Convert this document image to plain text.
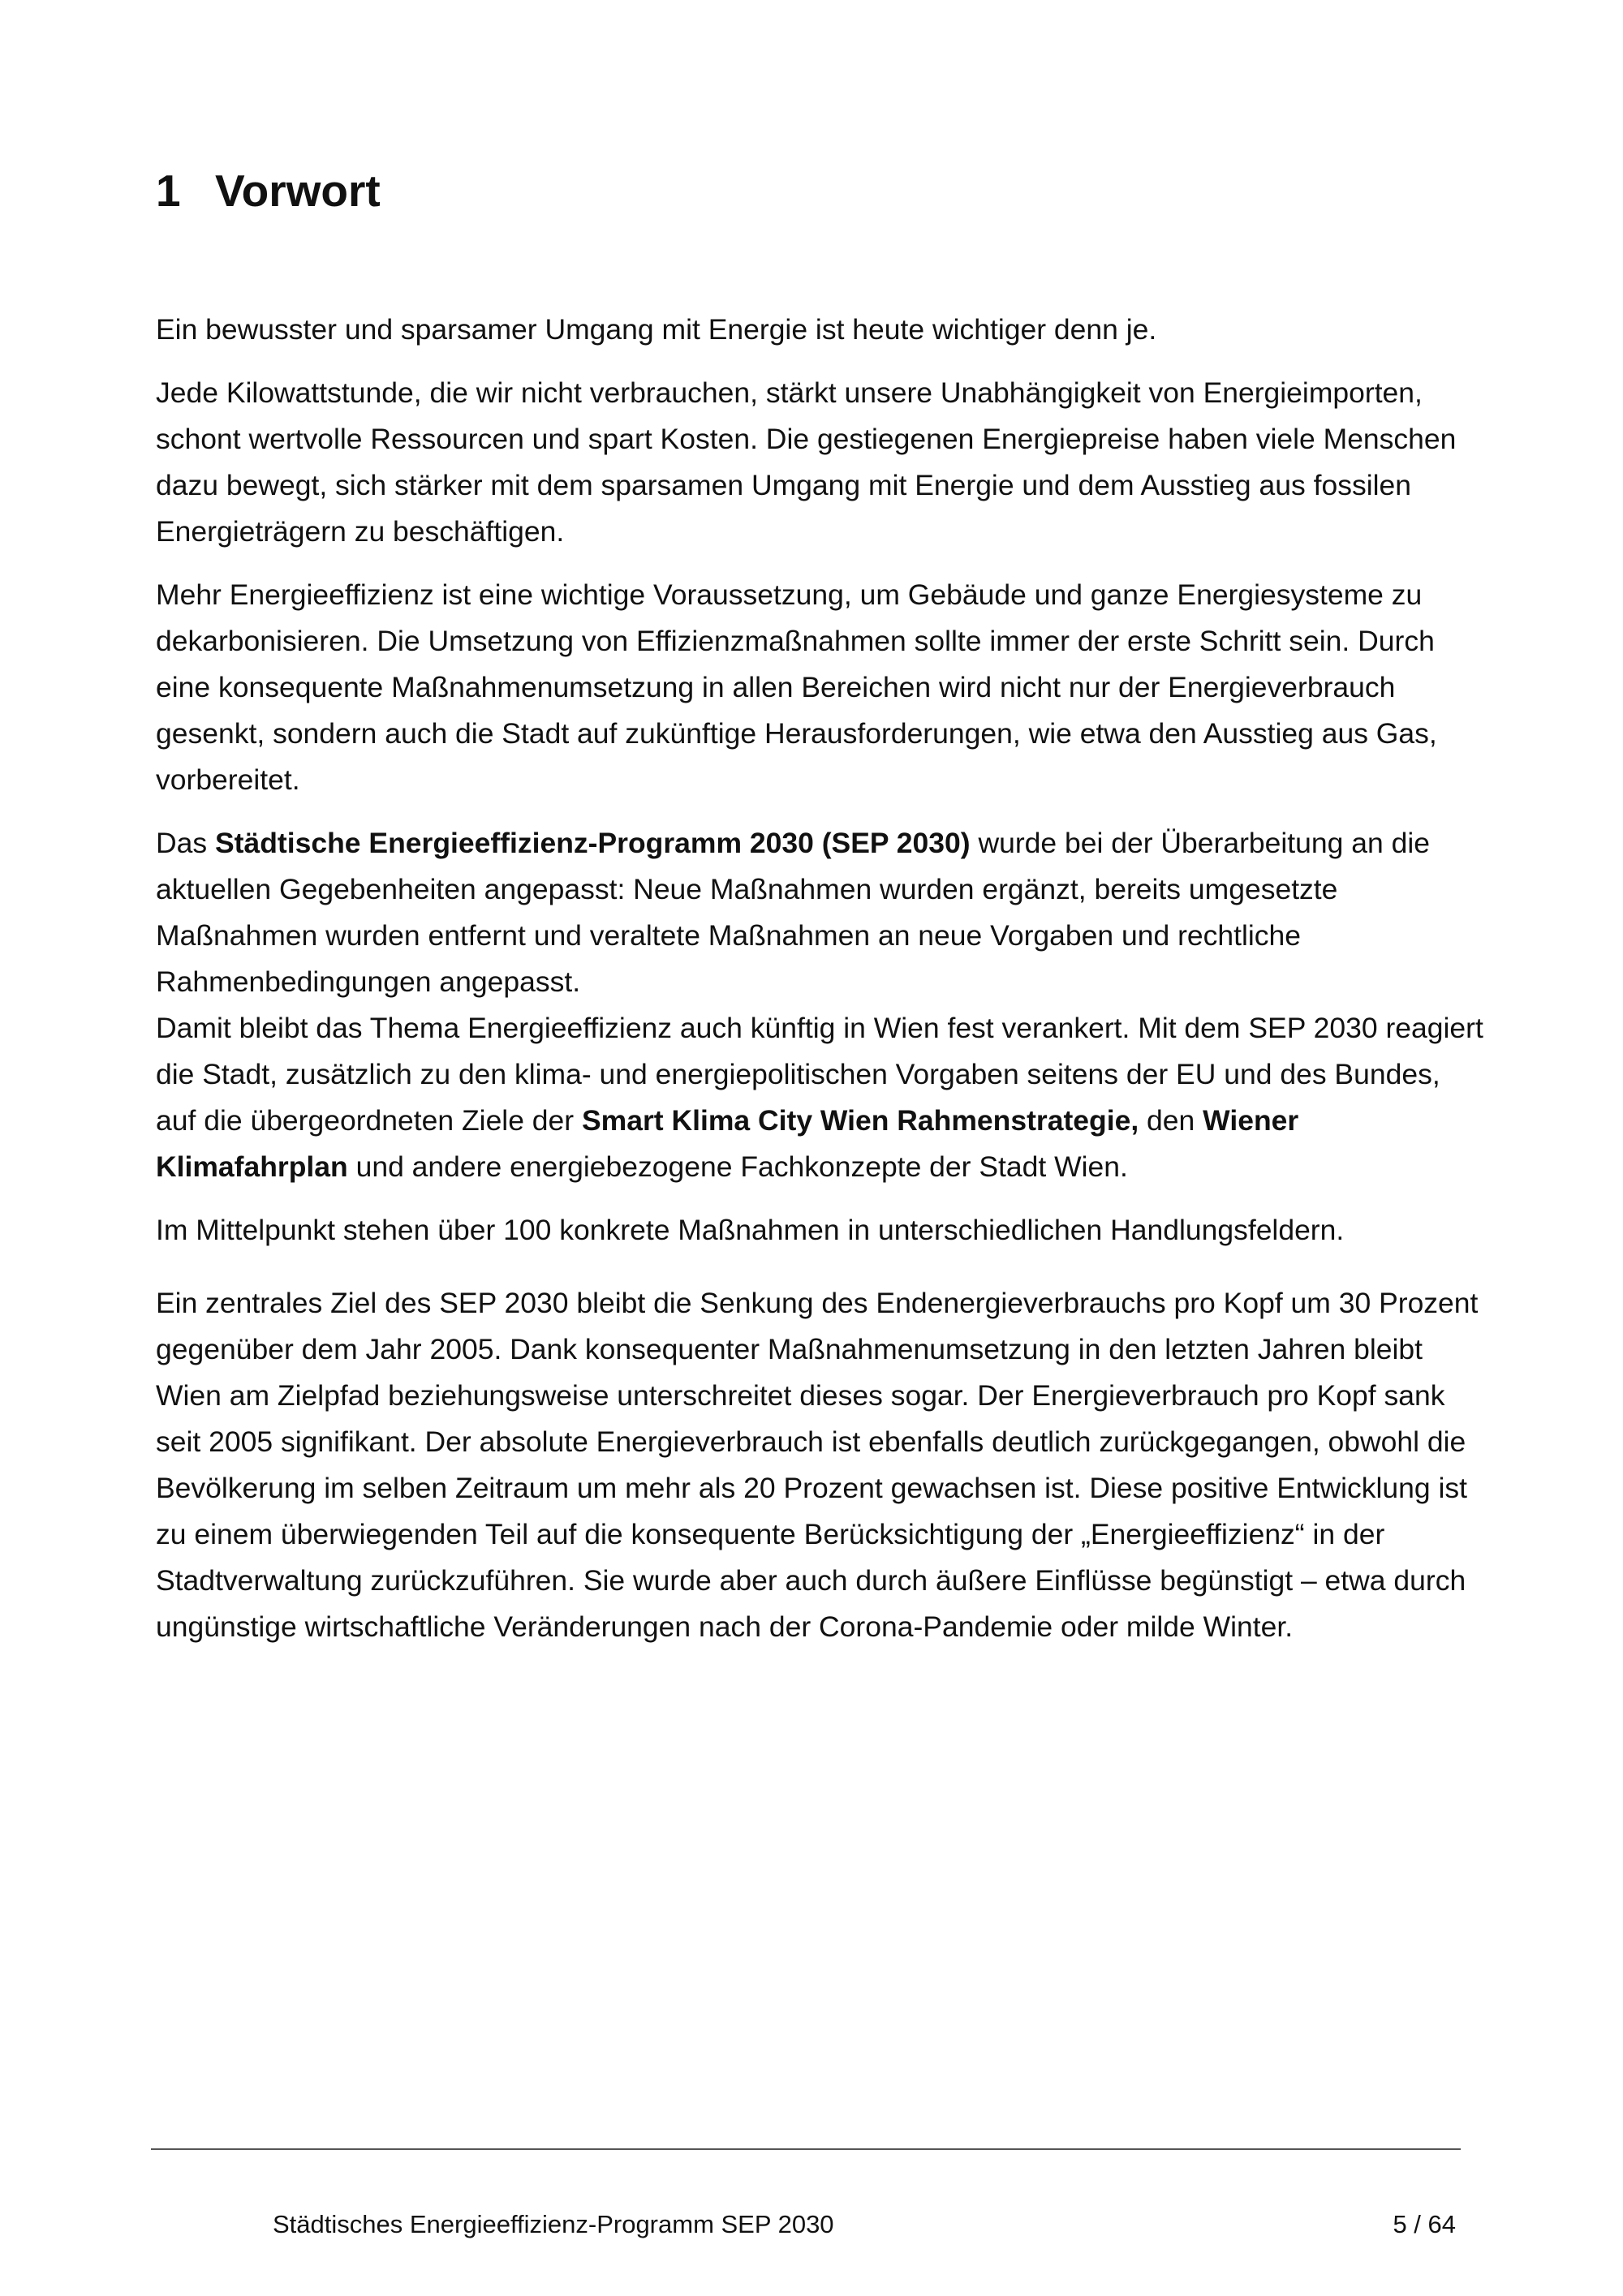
1 Vorwort

Ein bewusster und sparsamer Umgang mit Energie ist heute wichtiger denn je.

Jede Kilowattstunde, die wir nicht verbrauchen, stärkt unsere Unabhängigkeit von Energieimporten, schont wertvolle Ressourcen und spart Kosten. Die gestiegenen Energiepreise haben viele Menschen dazu bewegt, sich stärker mit dem sparsamen Umgang mit Energie und dem Ausstieg aus fossilen Energieträgern zu beschäftigen.

Mehr Energieeffizienz ist eine wichtige Voraussetzung, um Gebäude und ganze Energiesysteme zu dekarbonisieren. Die Umsetzung von Effizienzmaßnahmen sollte immer der erste Schritt sein. Durch eine konsequente Maßnahmenumsetzung in allen Bereichen wird nicht nur der Energieverbrauch gesenkt, sondern auch die Stadt auf zukünftige Herausforderungen, wie etwa den Ausstieg aus Gas, vorbereitet.

Das Städtische Energieeffizienz-Programm 2030 (SEP 2030) wurde bei der Überarbeitung an die aktuellen Gegebenheiten angepasst: Neue Maßnahmen wurden ergänzt, bereits umgesetzte Maßnahmen wurden entfernt und veraltete Maßnahmen an neue Vorgaben und rechtliche Rahmenbedingungen angepasst.

Damit bleibt das Thema Energieeffizienz auch künftig in Wien fest verankert. Mit dem SEP 2030 reagiert die Stadt, zusätzlich zu den klima- und energiepolitischen Vorgaben seitens der EU und des Bundes, auf die übergeordneten Ziele der Smart Klima City Wien Rahmenstrategie, den Wiener Klimafahrplan und andere energiebezogene Fachkonzepte der Stadt Wien.

Im Mittelpunkt stehen über 100 konkrete Maßnahmen in unterschiedlichen Handlungsfeldern.

Ein zentrales Ziel des SEP 2030 bleibt die Senkung des Endenergieverbrauchs pro Kopf um 30 Prozent gegenüber dem Jahr 2005. Dank konsequenter Maßnahmenumsetzung in den letzten Jahren bleibt Wien am Zielpfad beziehungsweise unterschreitet dieses sogar. Der Energieverbrauch pro Kopf sank seit 2005 signifikant. Der absolute Energieverbrauch ist ebenfalls deutlich zurückgegangen, obwohl die Bevölkerung im selben Zeitraum um mehr als 20 Prozent gewachsen ist. Diese positive Entwicklung ist zu einem überwiegenden Teil auf die konsequente Berücksichtigung der „Energieeffizienz“ in der Stadtverwaltung zurückzuführen. Sie wurde aber auch durch äußere Einflüsse begünstigt – etwa durch ungünstige wirtschaftliche Veränderungen nach der Corona-Pandemie oder milde Winter.

Städtisches Energieeffizienz-Programm SEP 2030	5 / 64
